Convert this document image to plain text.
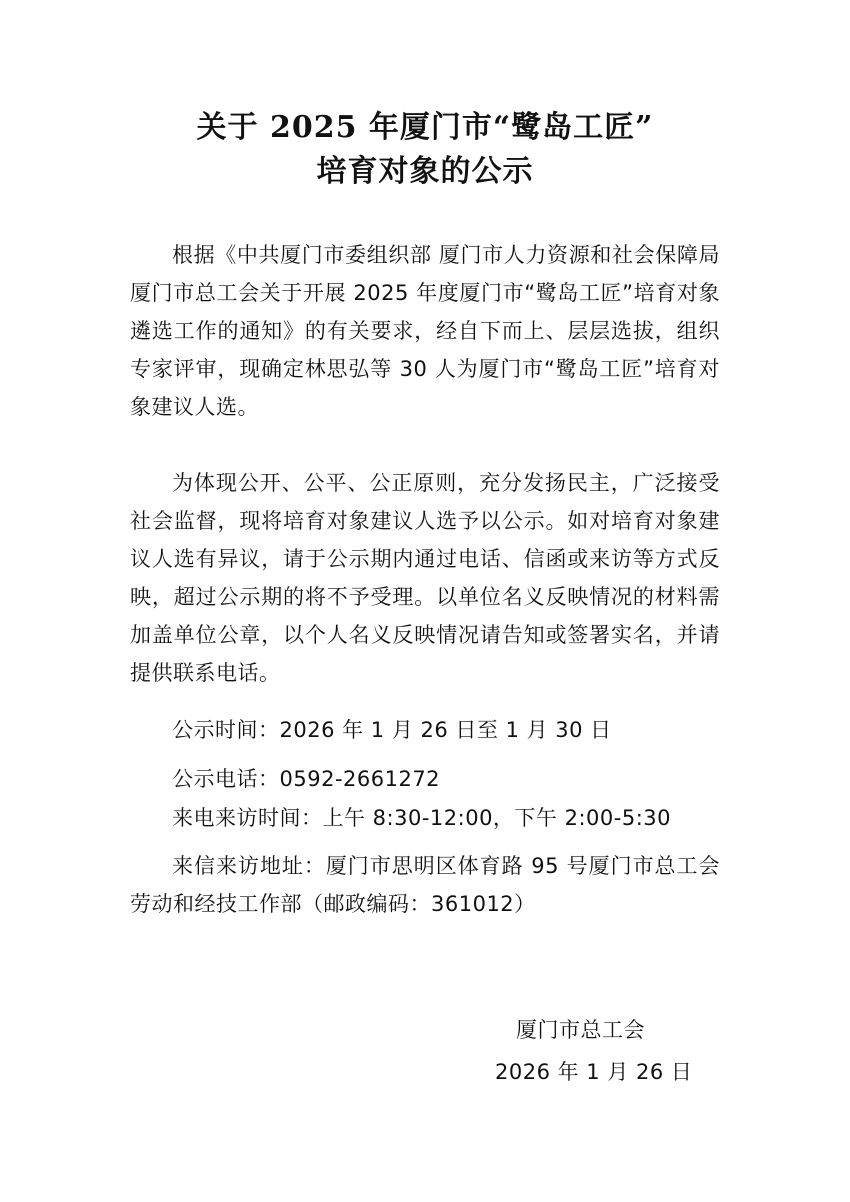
关于 2025 年厦门市“鹭岛工匠”
培育对象的公示

根据《中共厦门市委组织部 厦门市人力资源和社会保障局 厦门市总工会关于开展 2025 年度厦门市“鹭岛工匠”培育对象遴选工作的通知》的有关要求，经自下而上、层层选拔，组织专家评审，现确定林思弘等 30 人为厦门市“鹭岛工匠”培育对象建议人选。

为体现公开、公平、公正原则，充分发扬民主，广泛接受社会监督，现将培育对象建议人选予以公示。如对培育对象建议人选有异议，请于公示期内通过电话、信函或来访等方式反映，超过公示期的将不予受理。以单位名义反映情况的材料需加盖单位公章，以个人名义反映情况请告知或签署实名，并请提供联系电话。

公示时间：2026 年 1 月 26 日至 1 月 30 日
公示电话：0592-2661272
来电来访时间：上午 8:30-12:00，下午 2:00-5:30

来信来访地址：厦门市思明区体育路 95 号厦门市总工会劳动和经技工作部（邮政编码：361012）

厦门市总工会
2026 年 1 月 26 日
